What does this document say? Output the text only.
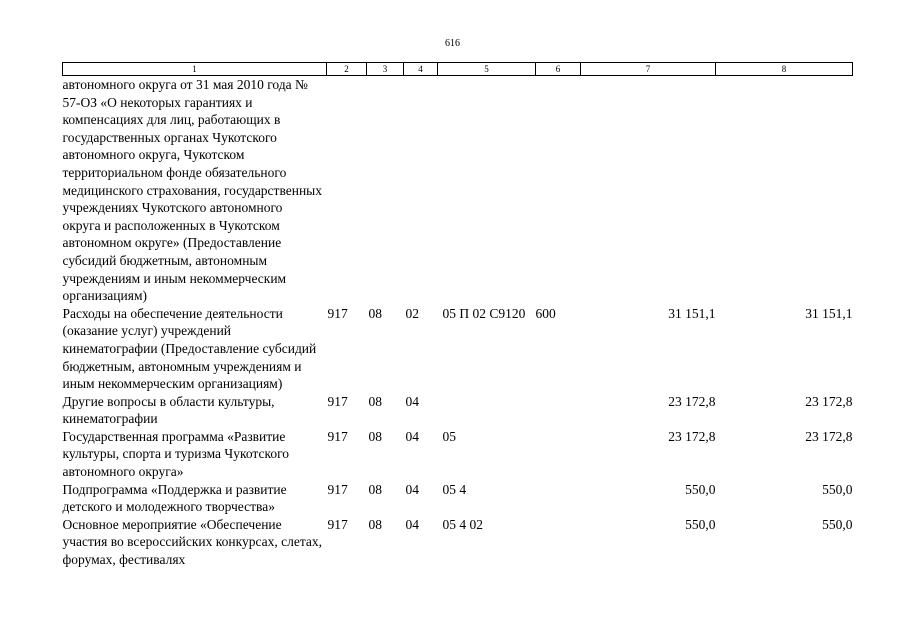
616
1	2	3	4	5	6	7	8
автономного округа от 31 мая 2010 года № 57-ОЗ «О некоторых гарантиях и компенсациях для лиц, работающих в государственных органах Чукотского автономного округа, Чукотском территориальном фонде обязательного медицинского страхования, государственных учреждениях Чукотского автономного округа и расположенных в Чукотском автономном округе» (Предоставление субсидий бюджетным, автономным учреждениям и иным некоммерческим организациям)							
Расходы на обеспечение деятельности (оказание услуг) учреждений кинематографии (Предоставление субсидий бюджетным, автономным учреждениям и иным некоммерческим организациям)	917	08	02	05 П 02 С9120	600	31 151,1	31 151,1
Другие вопросы в области культуры, кинематографии	917	08	04			23 172,8	23 172,8
Государственная программа «Развитие культуры, спорта и туризма Чукотского автономного округа»	917	08	04	05		23 172,8	23 172,8
Подпрограмма «Поддержка и развитие детского и молодежного творчества»	917	08	04	05 4		550,0	550,0
Основное мероприятие «Обеспечение участия во всероссийских конкурсах, слетах, форумах, фестивалях	917	08	04	05 4 02		550,0	550,0
